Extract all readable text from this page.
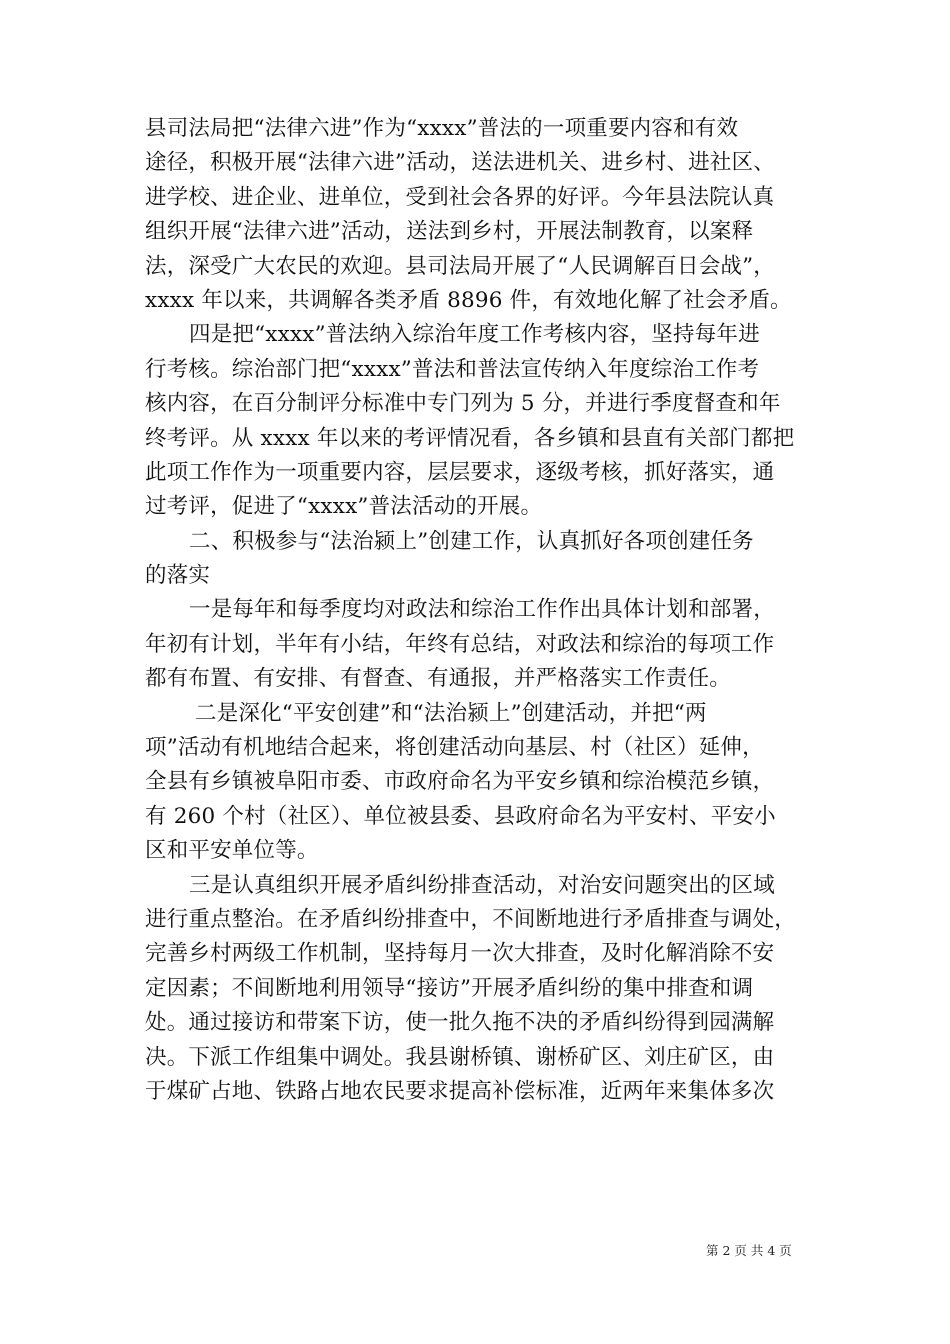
县司法局把“法律六进”作为“xxxx”普法的一项重要内容和有效
途径，积极开展“法律六进”活动，送法进机关、进乡村、进社区、
进学校、进企业、进单位，受到社会各界的好评。今年县法院认真
组织开展“法律六进”活动，送法到乡村，开展法制教育，以案释
法，深受广大农民的欢迎。县司法局开展了“人民调解百日会战”，
xxxx 年以来，共调解各类矛盾 8896 件，有效地化解了社会矛盾。
四是把“xxxx”普法纳入综治年度工作考核内容，坚持每年进
行考核。综治部门把“xxxx”普法和普法宣传纳入年度综治工作考
核内容，在百分制评分标准中专门列为 5 分，并进行季度督查和年
终考评。从 xxxx 年以来的考评情况看，各乡镇和县直有关部门都把
此项工作作为一项重要内容，层层要求，逐级考核，抓好落实，通
过考评，促进了“xxxx”普法活动的开展。
二、积极参与“法治颍上”创建工作，认真抓好各项创建任务
的落实
一是每年和每季度均对政法和综治工作作出具体计划和部署，
年初有计划，半年有小结，年终有总结，对政法和综治的每项工作
都有布置、有安排、有督查、有通报，并严格落实工作责任。
二是深化“平安创建”和“法治颍上”创建活动，并把“两
项”活动有机地结合起来，将创建活动向基层、村（社区）延伸，
全县有乡镇被阜阳市委、市政府命名为平安乡镇和综治模范乡镇，
有 260 个村（社区）、单位被县委、县政府命名为平安村、平安小
区和平安单位等。
三是认真组织开展矛盾纠纷排查活动，对治安问题突出的区域
进行重点整治。在矛盾纠纷排查中，不间断地进行矛盾排查与调处，
完善乡村两级工作机制，坚持每月一次大排查，及时化解消除不安
定因素；不间断地利用领导“接访”开展矛盾纠纷的集中排查和调
处。通过接访和带案下访，使一批久拖不决的矛盾纠纷得到园满解
决。下派工作组集中调处。我县谢桥镇、谢桥矿区、刘庄矿区，由
于煤矿占地、铁路占地农民要求提高补偿标准，近两年来集体多次
第 2 页 共 4 页
